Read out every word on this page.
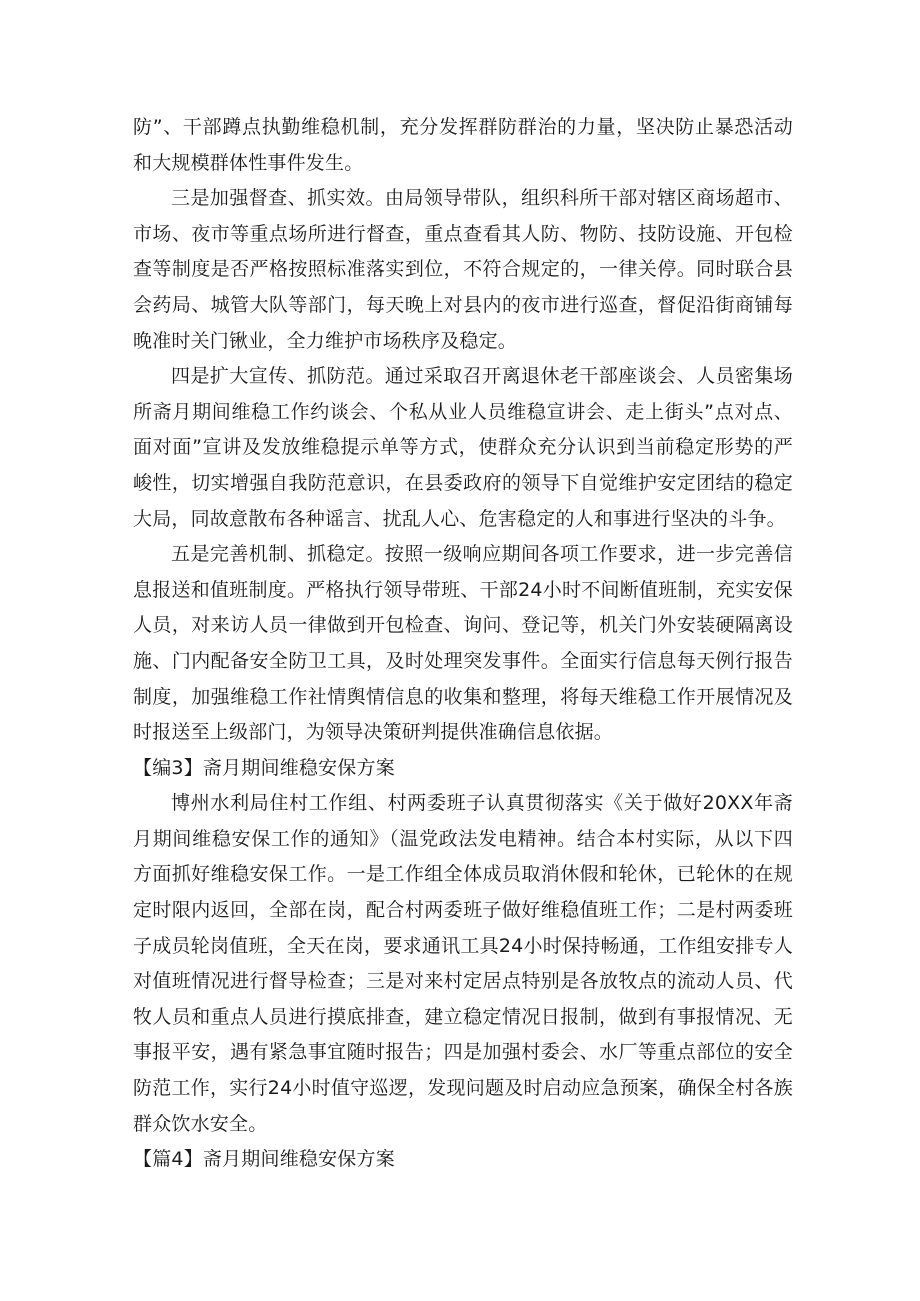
防”、干部蹲点执勤维稳机制，充分发挥群防群治的力量，坚决防止暴恐活动和大规模群体性事件发生。

三是加强督查、抓实效。由局领导带队，组织科所干部对辖区商场超市、市场、夜市等重点场所进行督查，重点查看其人防、物防、技防设施、开包检查等制度是否严格按照标准落实到位，不符合规定的，一律关停。同时联合县会药局、城管大队等部门，每天晚上对县内的夜市进行巡查，督促沿街商铺每晚准时关门锹业，全力维护市场秩序及稳定。

四是扩大宣传、抓防范。通过采取召开离退休老干部座谈会、人员密集场所斋月期间维稳工作约谈会、个私从业人员维稳宣讲会、走上街头”点对点、面对面”宣讲及发放维稳提示单等方式，使群众充分认识到当前稳定形势的严峻性，切实增强自我防范意识，在县委政府的领导下自觉维护安定团结的稳定大局，同故意散布各种谣言、扰乱人心、危害稳定的人和事进行坚决的斗争。

五是完善机制、抓稳定。按照一级响应期间各项工作要求，进一步完善信息报送和值班制度。严格执行领导带班、干部24小时不间断值班制，充实安保人员，对来访人员一律做到开包检查、询问、登记等，机关门外安装硬隔离设施、门内配备安全防卫工具，及时处理突发事件。全面实行信息每天例行报告制度，加强维稳工作社情舆情信息的收集和整理，将每天维稳工作开展情况及时报送至上级部门，为领导决策研判提供准确信息依据。

【编3】斋月期间维稳安保方案

博州水利局住村工作组、村两委班子认真贯彻落实《关于做好20XX年斋月期间维稳安保工作的通知》（温党政法发电精神。结合本村实际，从以下四方面抓好维稳安保工作。一是工作组全体成员取消休假和轮休，已轮休的在规定时限内返回，全部在岗，配合村两委班子做好维稳值班工作；二是村两委班子成员轮岗值班，全天在岗，要求通讯工具24小时保持畅通，工作组安排专人对值班情况进行督导检查；三是对来村定居点特别是各放牧点的流动人员、代牧人员和重点人员进行摸底排查，建立稳定情况日报制，做到有事报情况、无事报平安，遇有紧急事宜随时报告；四是加强村委会、水厂等重点部位的安全防范工作，实行24小时值守巡逻，发现问题及时启动应急预案，确保全村各族群众饮水安全。

【篇4】斋月期间维稳安保方案
